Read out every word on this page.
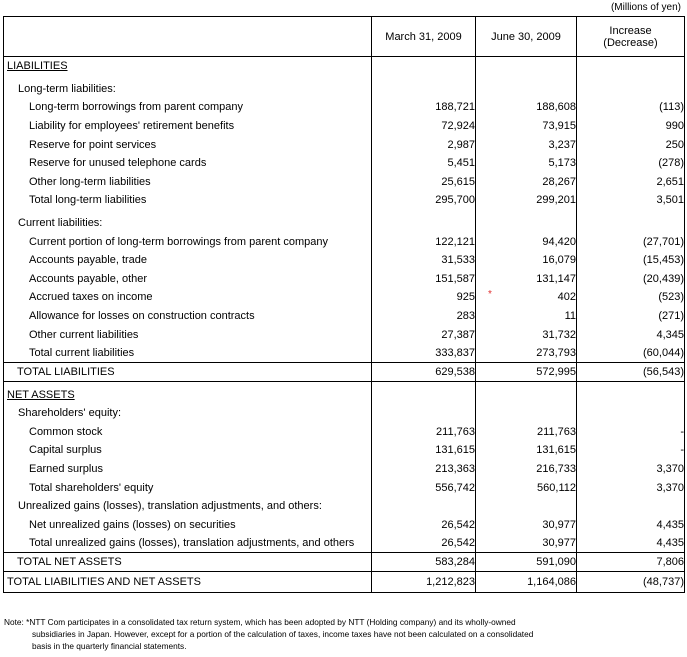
(Millions of yen)
	March 31, 2009	June 30, 2009	Increase
(Decrease)
LIABILITIES			

Long-term liabilities:			
Long-term borrowings from parent company	188,721	188,608	(113)
Liability for employees' retirement benefits	72,924	73,915	990
Reserve for point services	2,987	3,237	250
Reserve for unused telephone cards	5,451	5,173	(278)
Other long-term liabilities	25,615	28,267	2,651
Total long-term liabilities	295,700	299,201	3,501

Current liabilities:			
Current portion of long-term borrowings from parent company	122,121	94,420	(27,701)
Accounts payable, trade	31,533	16,079	(15,453)
Accounts payable, other	151,587	131,147	(20,439)
Accrued taxes on income	925	* 402	(523)
Allowance for losses on construction contracts	283	11	(271)
Other current liabilities	27,387	31,732	4,345
Total current liabilities	333,837	273,793	(60,044)
TOTAL LIABILITIES	629,538	572,995	(56,543)

NET ASSETS			
Shareholders' equity:			
Common stock	211,763	211,763	-
Capital surplus	131,615	131,615	-
Earned surplus	213,363	216,733	3,370
Total shareholders' equity	556,742	560,112	3,370
Unrealized gains (losses), translation adjustments, and others:			
Net unrealized gains (losses) on securities	26,542	30,977	4,435
Total unrealized gains (losses), translation adjustments, and others	26,542	30,977	4,435
TOTAL NET ASSETS	583,284	591,090	7,806
TOTAL LIABILITIES AND NET ASSETS	1,212,823	1,164,086	(48,737)
Note: *NTT Com participates in a consolidated tax return system, which has been adopted by NTT (Holding company) and its wholly-owned
subsidiaries in Japan. However, except for a portion of the calculation of taxes, income taxes have not been calculated on a consolidated
basis in the quarterly financial statements.
